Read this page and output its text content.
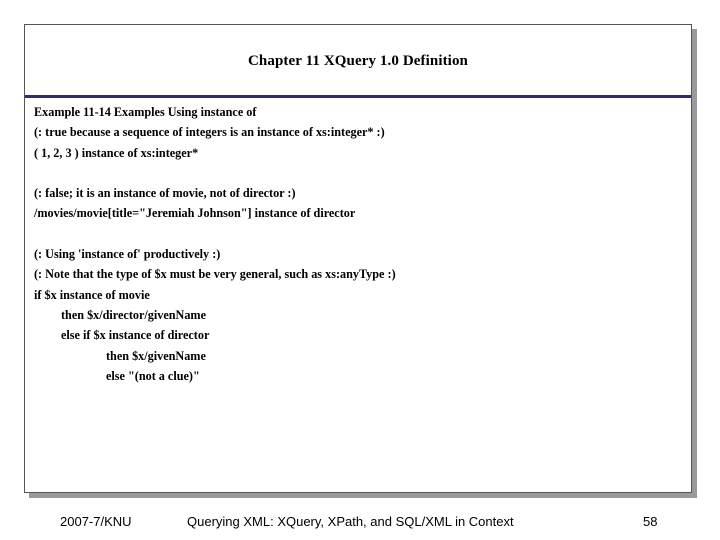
Chapter 11 XQuery 1.0 Definition
Example 11-14 Examples Using instance of
(: true because a sequence of integers is an instance of xs:integer* :)
( 1, 2, 3 ) instance of xs:integer*
(: false; it is an instance of movie, not of director :)
/movies/movie[title="Jeremiah Johnson"] instance of director
(: Using 'instance of' productively :)
(: Note that the type of $x must be very general, such as xs:anyType :)
if $x instance of movie
then $x/director/givenName
else if $x instance of director
then $x/givenName
else "(not a clue)"
2007-7/KNU	Querying XML: XQuery, XPath, and SQL/XML in Context	58
